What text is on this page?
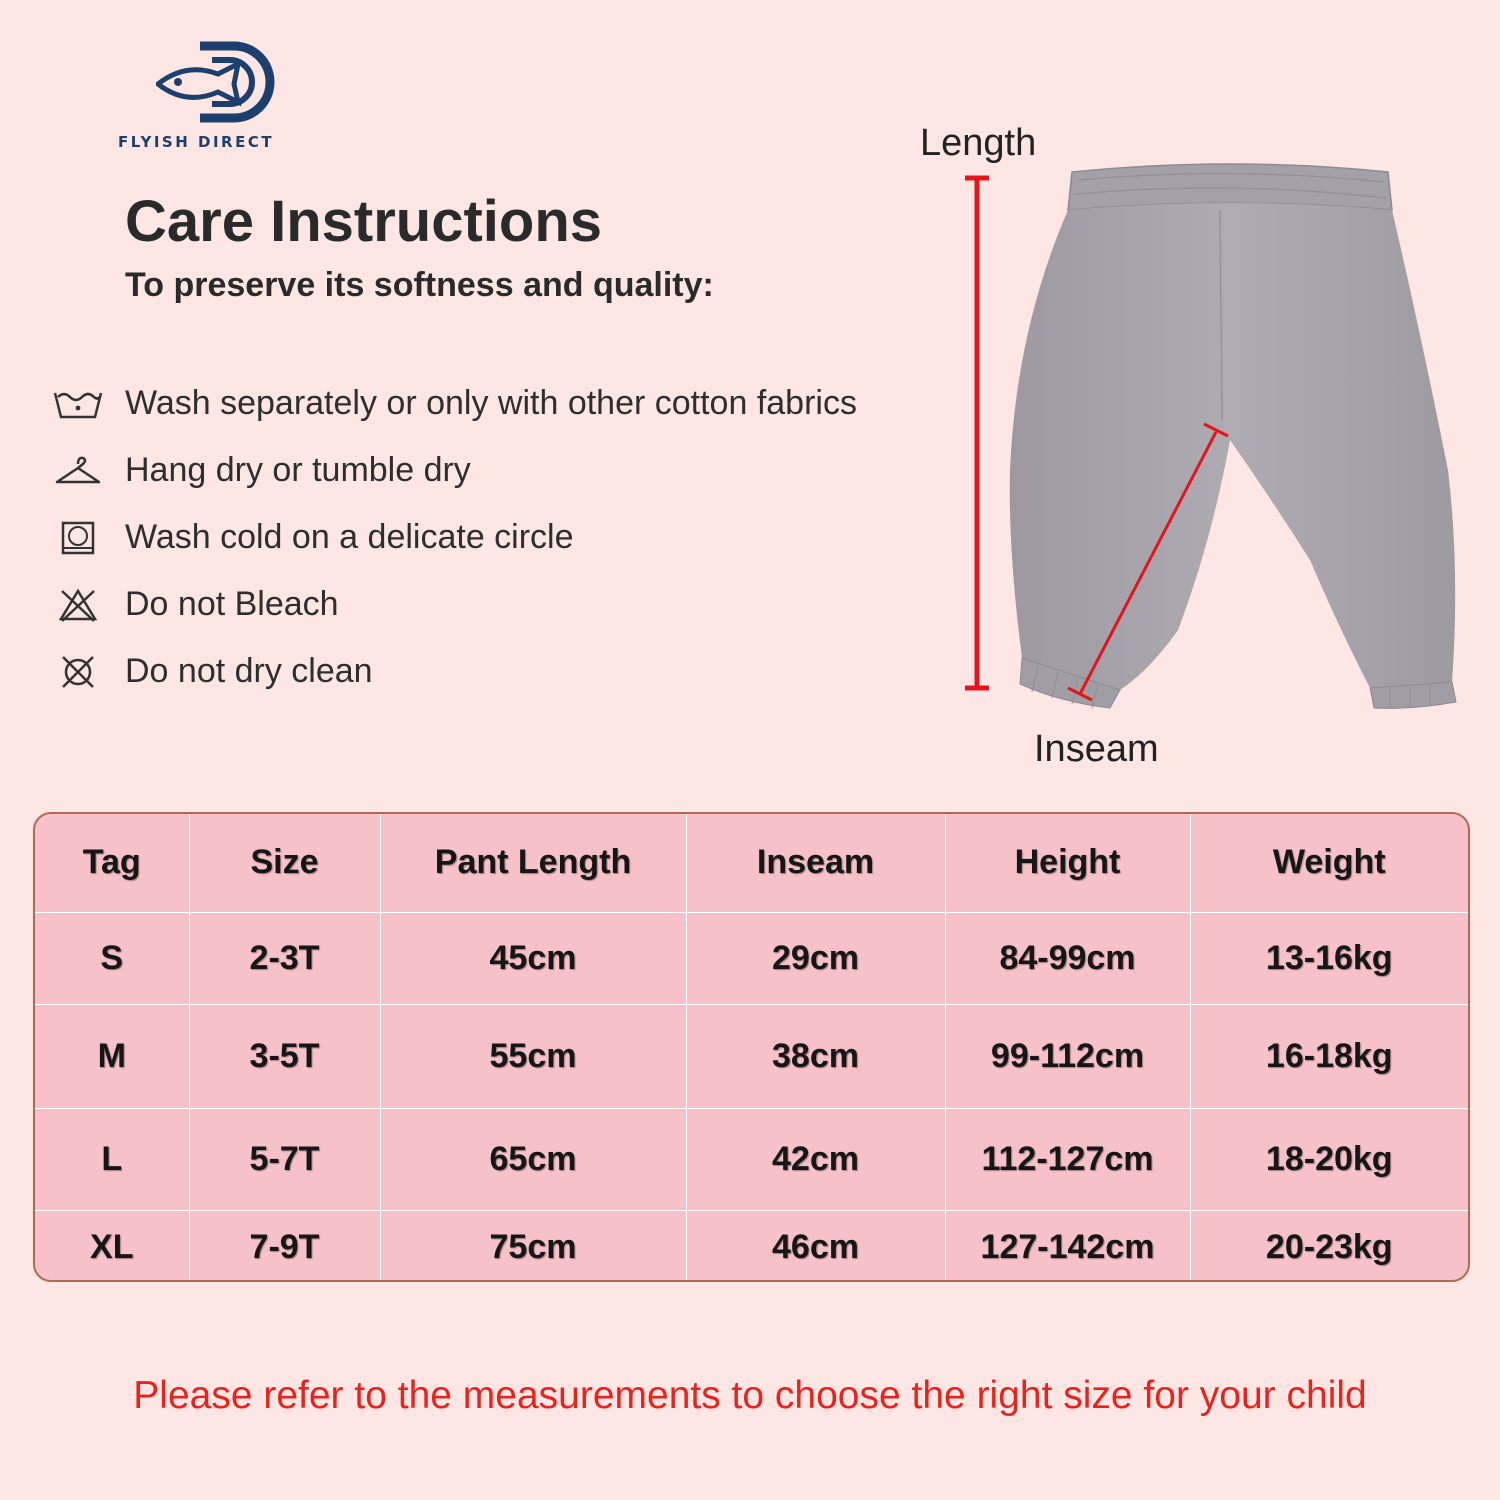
FLYISH DIRECT
Care Instructions
To preserve its softness and quality:
Wash separately or only with other cotton fabrics
Hang dry or tumble dry
Wash cold on a delicate circle
Do not Bleach
Do not dry clean
Length
Inseam
Tag	Size	Pant Length	Inseam	Height	Weight
S	2-3T	45cm	29cm	84-99cm	13-16kg
M	3-5T	55cm	38cm	99-112cm	16-18kg
L	5-7T	65cm	42cm	112-127cm	18-20kg
XL	7-9T	75cm	46cm	127-142cm	20-23kg
Please refer to the measurements to choose the right size for your child
